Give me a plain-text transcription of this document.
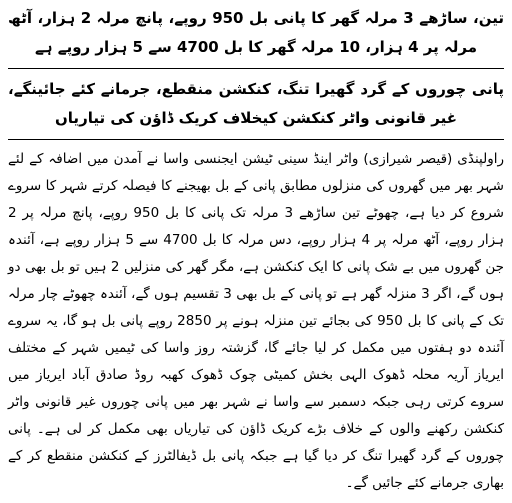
تین، ساڑھے 3 مرلہ گھر کا پانی بل 950 روپے، پانچ مرلہ 2 ہزار، آٹھ مرلہ پر 4 ہزار، 10 مرلہ گھر کا بل 4700 سے 5 ہزار روپے ہے

پانی چوروں کے گرد گھیرا تنگ، کنکشن منقطع، جرمانے کئے جائینگے، غیر قانونی واٹر کنکشن کیخلاف کریک ڈاؤن کی تیاریاں

راولپنڈی (قیصر شیرازی) واٹر اینڈ سینی ٹیشن ایجنسی واسا نے آمدن میں اضافہ کے لئے شہر بھر میں گھروں کی منزلوں مطابق پانی کے بل بھیجنے کا فیصلہ کرتے شہر کا سروے شروع کر دیا ہے، چھوٹے تین ساڑھے 3 مرلہ تک پانی کا بل 950 روپے، پانچ مرلہ پر 2 ہزار روپے، آٹھ مرلہ پر 4 ہزار روپے، دس مرلہ کا بل 4700 سے 5 ہزار روپے ہے، آئندہ جن گھروں میں بے شک پانی کا ایک کنکشن ہے، مگر گھر کی منزلیں 2 ہیں تو بل بھی دو ہوں گے، اگر 3 منزلہ گھر ہے تو پانی کے بل بھی 3 تقسیم ہوں گے، آئندہ چھوٹے چار مرلہ تک کے پانی کا بل 950 کی بجائے تین منزلہ ہونے پر 2850 روپے پانی بل ہو گا، یہ سروے آئندہ دو ہفتوں میں مکمل کر لیا جائے گا، گزشتہ روز واسا کی ٹیمیں شہر کے مختلف ایریاز آریہ محلہ ڈھوک الہی بخش کمیٹی چوک ڈھوک کھبہ روڈ صادق آباد ایریاز میں سروے کرتی رہی جبکہ دسمبر سے واسا نے شہر بھر میں پانی چوروں غیر قانونی واٹر کنکشن رکھنے والوں کے خلاف بڑے کریک ڈاؤن کی تیاریاں بھی مکمل کر لی ہے۔ پانی چوروں کے گرد گھیرا تنگ کر دیا گیا ہے جبکہ پانی بل ڈیفالٹرز کے کنکشن منقطع کر کے بھاری جرمانے کئے جائیں گے۔
